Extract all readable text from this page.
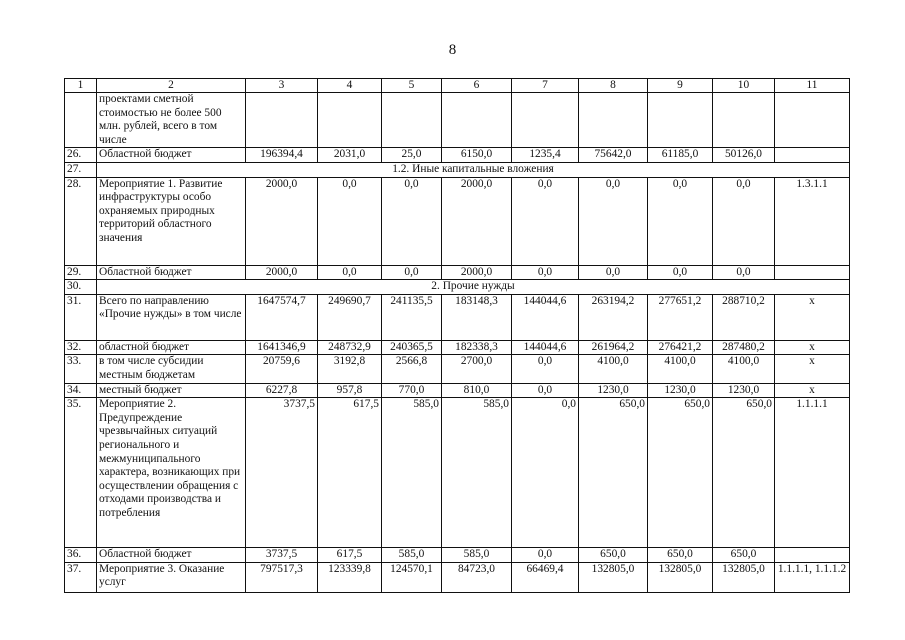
8
1	2	3	4	5	6	7	8	9	10	11
	проектами сметной стоимостью не более 500 млн. рублей, всего в том числе									
26.	Областной бюджет	196394,4	2031,0	25,0	6150,0	1235,4	75642,0	61185,0	50126,0	
27.	1.2. Иные капитальные вложения									
28.	Мероприятие 1. Развитие инфраструктуры особо охраняемых природных территорий областного значения	2000,0	0,0	0,0	2000,0	0,0	0,0	0,0	0,0	1.3.1.1
29.	Областной бюджет	2000,0	0,0	0,0	2000,0	0,0	0,0	0,0	0,0	
30.	2. Прочие нужды									
31.	Всего по направлению «Прочие нужды» в том числе	1647574,7	249690,7	241135,5	183148,3	144044,6	263194,2	277651,2	288710,2	х
32.	областной бюджет	1641346,9	248732,9	240365,5	182338,3	144044,6	261964,2	276421,2	287480,2	х
33.	в том числе субсидии местным бюджетам	20759,6	3192,8	2566,8	2700,0	0,0	4100,0	4100,0	4100,0	х
34.	местный бюджет	6227,8	957,8	770,0	810,0	0,0	1230,0	1230,0	1230,0	х
35.	Мероприятие 2. Предупреждение чрезвычайных ситуаций регионального и межмуниципального характера, возникающих при осуществлении обращения с отходами производства и потребления	3737,5	617,5	585,0	585,0	0,0	650,0	650,0	650,0	1.1.1.1
36.	Областной бюджет	3737,5	617,5	585,0	585,0	0,0	650,0	650,0	650,0	
37.	Мероприятие 3. Оказание услуг	797517,3	123339,8	124570,1	84723,0	66469,4	132805,0	132805,0	132805,0	1.1.1.1, 1.1.1.2
